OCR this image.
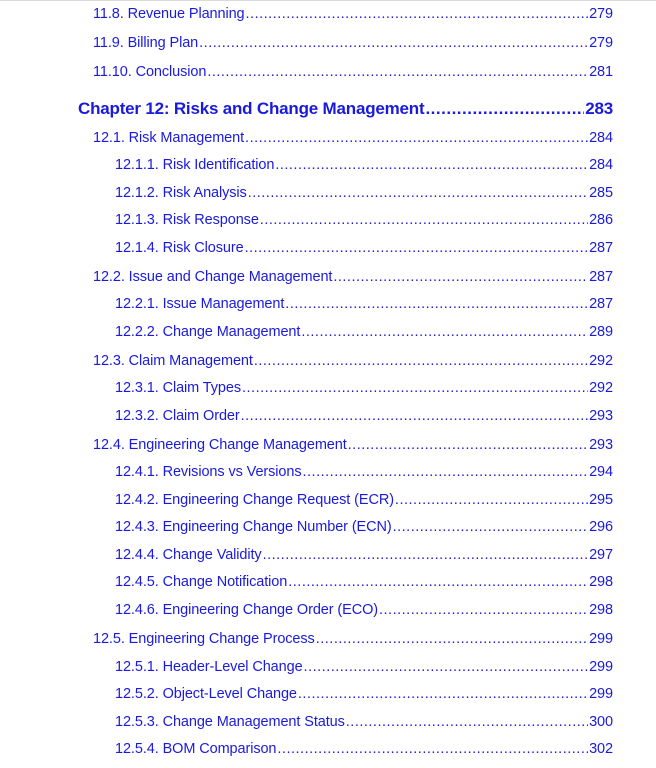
11.8. Revenue Planning .....	279
11.9. Billing Plan .....	279
11.10. Conclusion .....	281
Chapter 12: Risks and Change Management .....	283
12.1. Risk Management .....	284
12.1.1. Risk Identification .....	284
12.1.2. Risk Analysis .....	285
12.1.3. Risk Response .....	286
12.1.4. Risk Closure .....	287
12.2. Issue and Change Management .....	287
12.2.1. Issue Management .....	287
12.2.2. Change Management .....	289
12.3. Claim Management .....	292
12.3.1. Claim Types .....	292
12.3.2. Claim Order .....	293
12.4. Engineering Change Management .....	293
12.4.1. Revisions vs Versions .....	294
12.4.2. Engineering Change Request (ECR) .....	295
12.4.3. Engineering Change Number (ECN) .....	296
12.4.4. Change Validity .....	297
12.4.5. Change Notification .....	298
12.4.6. Engineering Change Order (ECO) .....	298
12.5. Engineering Change Process .....	299
12.5.1. Header-Level Change .....	299
12.5.2. Object-Level Change .....	299
12.5.3. Change Management Status .....	300
12.5.4. BOM Comparison .....	302
